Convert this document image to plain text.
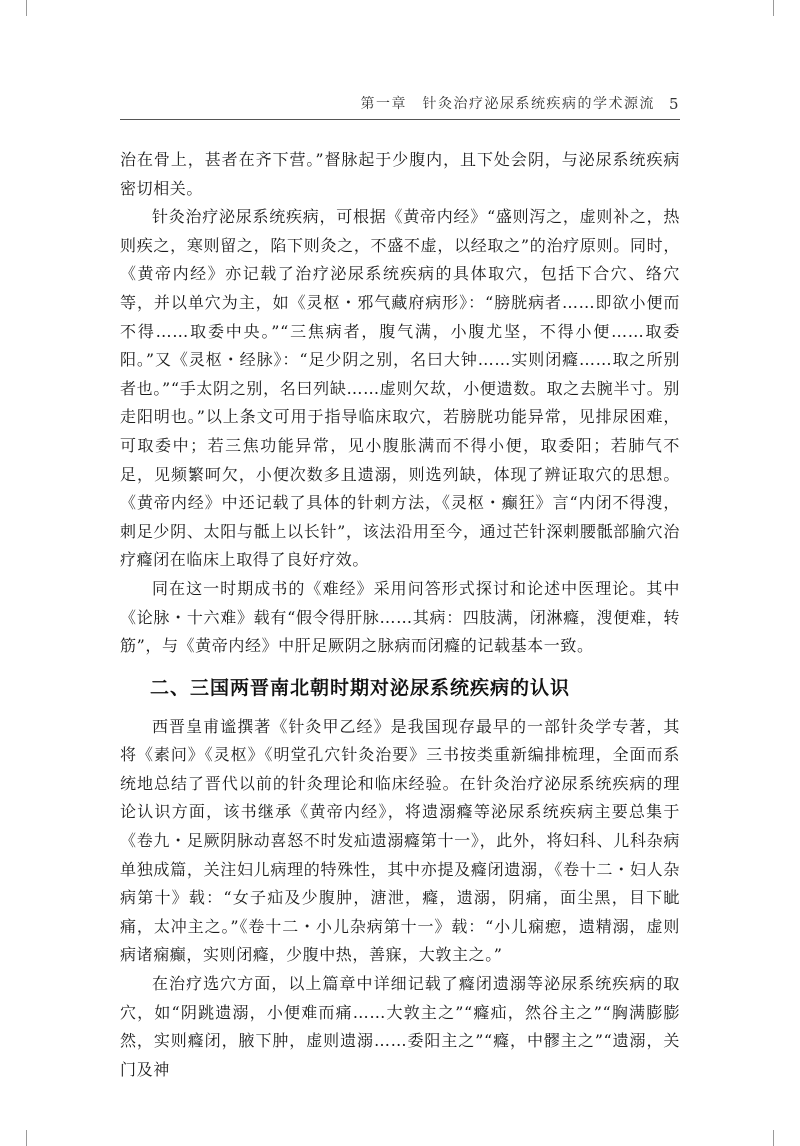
第一章　针灸治疗泌尿系统疾病的学术源流 5

治在骨上，甚者在齐下营。”督脉起于少腹内，且下处会阴，与泌尿系统疾病密切相关。

针灸治疗泌尿系统疾病，可根据《黄帝内经》“盛则泻之，虚则补之，热则疾之，寒则留之，陷下则灸之，不盛不虚，以经取之”的治疗原则。同时，《黄帝内经》亦记载了治疗泌尿系统疾病的具体取穴，包括下合穴、络穴等，并以单穴为主，如《灵枢・邪气藏府病形》：“膀胱病者……即欲小便而不得……取委中央。”“三焦病者，腹气满，小腹尤坚，不得小便……取委阳。”又《灵枢・经脉》：“足少阴之别，名曰大钟……实则闭癃……取之所别者也。”“手太阴之别，名曰列缺……虚则欠㰦，小便遗数。取之去腕半寸。别走阳明也。”以上条文可用于指导临床取穴，若膀胱功能异常，见排尿困难，可取委中；若三焦功能异常，见小腹胀满而不得小便，取委阳；若肺气不足，见频繁呵欠，小便次数多且遗溺，则选列缺，体现了辨证取穴的思想。《黄帝内经》中还记载了具体的针刺方法，《灵枢・癫狂》言“内闭不得溲，刺足少阴、太阳与骶上以长针”，该法沿用至今，通过芒针深刺腰骶部腧穴治疗癃闭在临床上取得了良好疗效。

同在这一时期成书的《难经》采用问答形式探讨和论述中医理论。其中《论脉・十六难》载有“假令得肝脉……其病：四肢满，闭淋癃，溲便难，转筋”，与《黄帝内经》中肝足厥阴之脉病而闭癃的记载基本一致。

二、三国两晋南北朝时期对泌尿系统疾病的认识

西晋皇甫谧撰著《针灸甲乙经》是我国现存最早的一部针灸学专著，其将《素问》《灵枢》《明堂孔穴针灸治要》三书按类重新编排梳理，全面而系统地总结了晋代以前的针灸理论和临床经验。在针灸治疗泌尿系统疾病的理论认识方面，该书继承《黄帝内经》，将遗溺癃等泌尿系统疾病主要总集于《卷九・足厥阴脉动喜怒不时发疝遗溺癃第十一》，此外，将妇科、儿科杂病单独成篇，关注妇儿病理的特殊性，其中亦提及癃闭遗溺，《卷十二・妇人杂病第十》载：“女子疝及少腹肿，溏泄，癃，遗溺，阴痛，面尘黑，目下眦痛，太冲主之。”《卷十二・小儿杂病第十一》载：“小儿痫瘛，遗精溺，虚则病诸痫癫，实则闭癃，少腹中热，善寐，大敦主之。”

在治疗选穴方面，以上篇章中详细记载了癃闭遗溺等泌尿系统疾病的取穴，如“阴跳遗溺，小便难而痛……大敦主之”“癃疝，然谷主之”“胸满膨膨然，实则癃闭，腋下肿，虚则遗溺……委阳主之”“癃，中髎主之”“遗溺，关门及神
